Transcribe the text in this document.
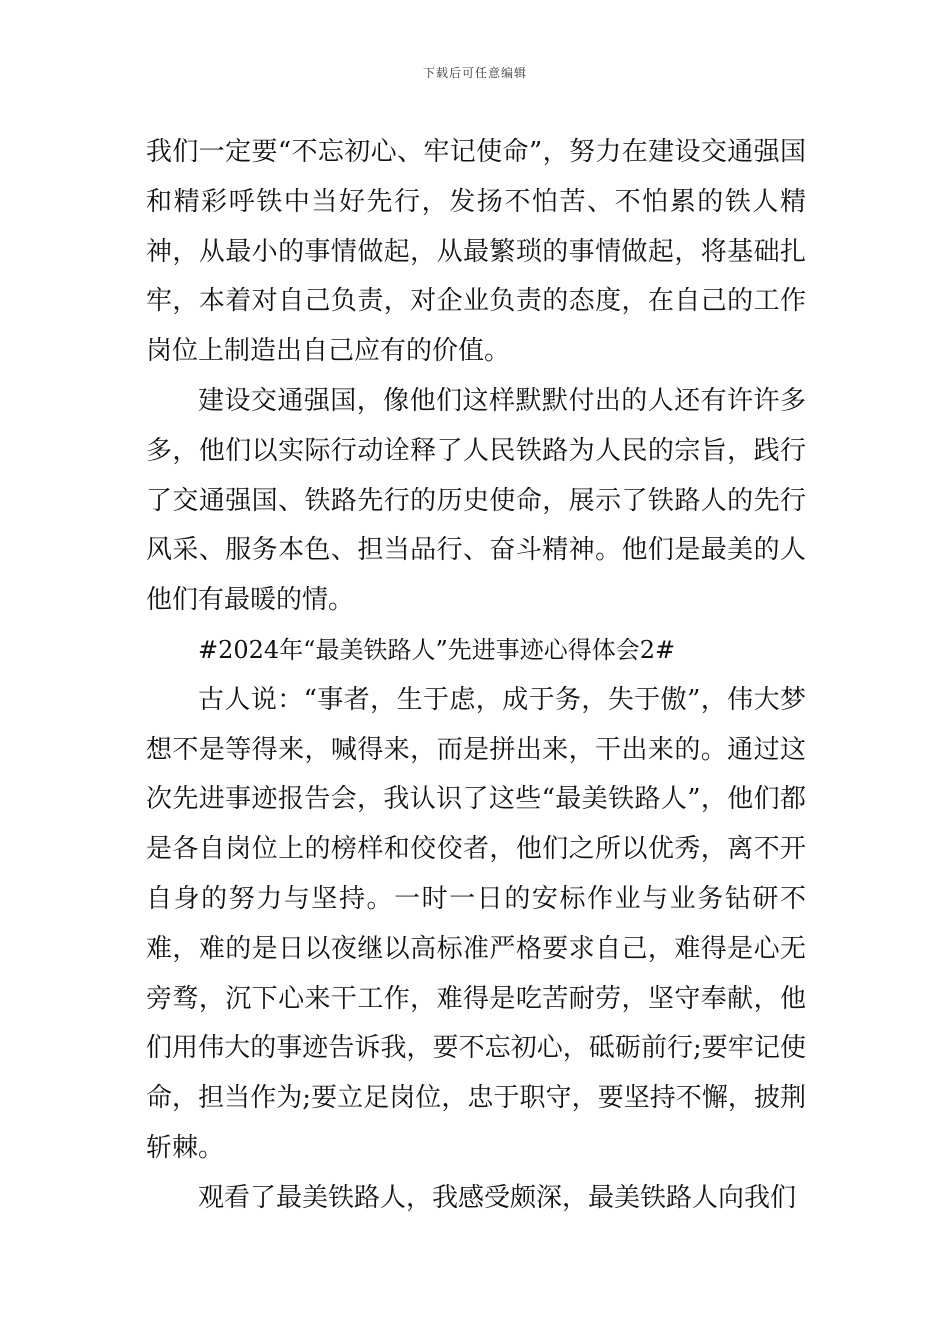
下载后可任意编辑

我们一定要“不忘初心、牢记使命”，努力在建设交通强国和精彩呼铁中当好先行，发扬不怕苦、不怕累的铁人精神，从最小的事情做起，从最繁琐的事情做起，将基础扎牢，本着对自己负责，对企业负责的态度，在自己的工作岗位上制造出自己应有的价值。

建设交通强国，像他们这样默默付出的人还有许许多多，他们以实际行动诠释了人民铁路为人民的宗旨，践行了交通强国、铁路先行的历史使命，展示了铁路人的先行风采、服务本色、担当品行、奋斗精神。他们是最美的人他们有最暖的情。

#2024年“最美铁路人”先进事迹心得体会2#

古人说：“事者，生于虑，成于务，失于傲”，伟大梦想不是等得来，喊得来，而是拼出来，干出来的。通过这次先进事迹报告会，我认识了这些“最美铁路人”，他们都是各自岗位上的榜样和佼佼者，他们之所以优秀，离不开自身的努力与坚持。一时一日的安标作业与业务钻研不难，难的是日以夜继以高标准严格要求自己，难得是心无旁骛，沉下心来干工作，难得是吃苦耐劳，坚守奉献，他们用伟大的事迹告诉我，要不忘初心，砥砺前行;要牢记使命，担当作为;要立足岗位，忠于职守，要坚持不懈，披荆斩棘。

观看了最美铁路人，我感受颇深，最美铁路人向我们
